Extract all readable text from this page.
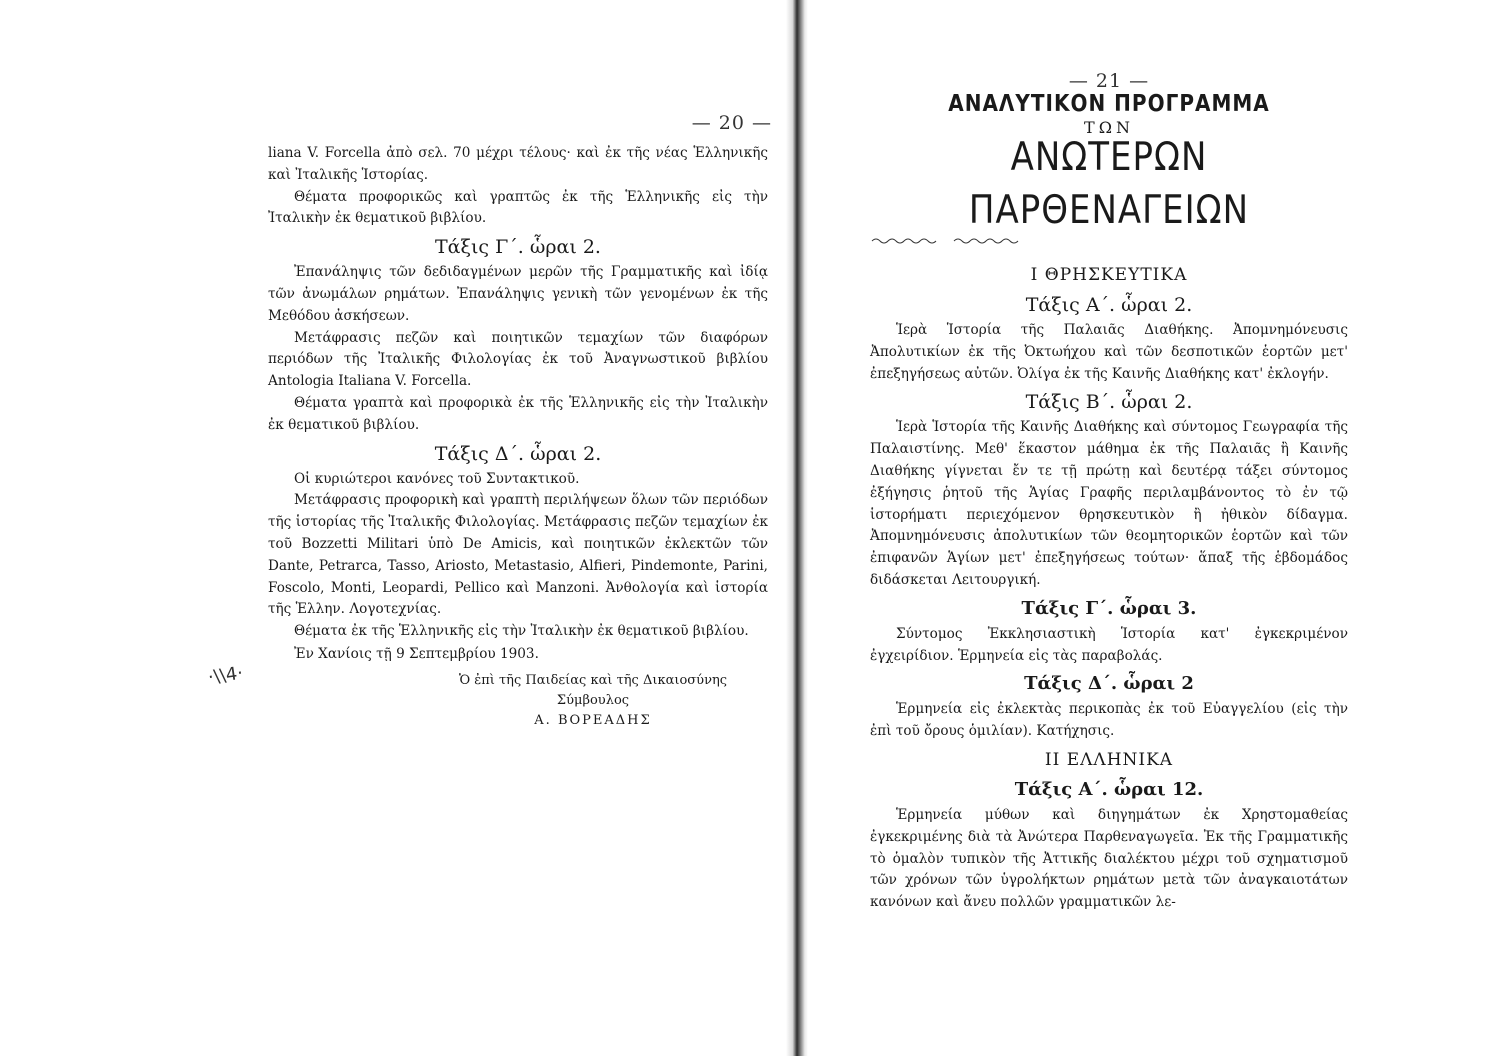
·\\4·
— 20 —

liana V. Forcella ἀπὸ σελ. 70 μέχρι τέλους· καὶ ἐκ τῆς νέας Ἑλληνικῆς καὶ Ἰταλικῆς Ἱστορίας.

Θέματα προφορικῶς καὶ γραπτῶς ἐκ τῆς Ἑλληνικῆς εἰς τὴν Ἰταλικὴν ἐκ θεματικοῦ βιβλίου.

Τάξις Γ΄. ὧραι 2.

Ἐπανάληψις τῶν δεδιδαγμένων μερῶν τῆς Γραμματικῆς καὶ ἰδίᾳ τῶν ἀνωμάλων ρημάτων. Ἐπανάληψις γενικὴ τῶν γενομένων ἐκ τῆς Μεθόδου ἀσκήσεων.

Μετάφρασις πεζῶν καὶ ποιητικῶν τεμαχίων τῶν διαφόρων περιόδων τῆς Ἰταλικῆς Φιλολογίας ἐκ τοῦ Ἀναγνωστικοῦ βιβλίου Antologia Italiana V. Forcella.

Θέματα γραπτὰ καὶ προφορικὰ ἐκ τῆς Ἑλληνικῆς εἰς τὴν Ἰταλικὴν ἐκ θεματικοῦ βιβλίου.

Τάξις Δ΄. ὧραι 2.

Οἱ κυριώτεροι κανόνες τοῦ Συντακτικοῦ.

Μετάφρασις προφορικὴ καὶ γραπτὴ περιλήψεων ὅλων τῶν περιόδων τῆς ἱστορίας τῆς Ἰταλικῆς Φιλολογίας. Μετάφρασις πεζῶν τεμαχίων ἐκ τοῦ Bozzetti Militari ὑπὸ De Amicis, καὶ ποιητικῶν ἐκλεκτῶν τῶν Dante, Petrarca, Tasso, Ariosto, Metastasio, Alfieri, Pindemonte, Parini, Foscolo, Monti, Leopardi, Pellico καὶ Manzoni. Ἀνθολογία καὶ ἱστορία τῆς Ἑλλην. Λογοτεχνίας.

Θέματα ἐκ τῆς Ἑλληνικῆς εἰς τὴν Ἰταλικὴν ἐκ θεματικοῦ βιβλίου.

Ἐν Χανίοις τῇ 9 Σεπτεμβρίου 1903.
Ὁ ἐπὶ τῆς Παιδείας καὶ τῆς Δικαιοσύνης
Σύμβουλος
Α. ΒΟΡΕΑΔΗΣ
— 21 —
ΑΝΑΛΥΤΙΚΟΝ ΠΡΟΓΡΑΜΜΑ
ΤΩΝ
ΑΝΩΤΕΡΩΝ ΠΑΡΘΕΝΑΓΕΙΩΝ
Ι ΘΡΗΣΚΕΥΤΙΚΑ
Τάξις Α΄. ὧραι 2.

Ἱερὰ Ἱστορία τῆς Παλαιᾶς Διαθήκης. Ἀπομνημόνευσις Ἀπολυτικίων ἐκ τῆς Ὀκτωήχου καὶ τῶν δεσποτικῶν ἑορτῶν μετ' ἐπεξηγήσεως αὐτῶν. Ὀλίγα ἐκ τῆς Καινῆς Διαθήκης κατ' ἐκλογήν.

Τάξις Β΄. ὧραι 2.

Ἱερὰ Ἱστορία τῆς Καινῆς Διαθήκης καὶ σύντομος Γεωγραφία τῆς Παλαιστίνης. Μεθ' ἕκαστον μάθημα ἐκ τῆς Παλαιᾶς ἢ Καινῆς Διαθήκης γίγνεται ἔν τε τῇ πρώτῃ καὶ δευτέρᾳ τάξει σύντομος ἐξήγησις ῥητοῦ τῆς Ἁγίας Γραφῆς περιλαμβάνοντος τὸ ἐν τῷ ἱστορήματι περιεχόμενον θρησκευτικὸν ἢ ἠθικὸν δίδαγμα. Ἀπομνημόνευσις ἀπολυτικίων τῶν θεομητορικῶν ἑορτῶν καὶ τῶν ἐπιφανῶν Ἁγίων μετ' ἐπεξηγήσεως τούτων· ἅπαξ τῆς ἑβδομάδος διδάσκεται Λειτουργική.

Τάξις Γ΄. ὧραι 3.

Σύντομος Ἐκκλησιαστικὴ Ἱστορία κατ' ἐγκεκριμένον ἐγχειρίδιον. Ἑρμηνεία εἰς τὰς παραβολάς.

Τάξις Δ΄. ὧραι 2

Ἑρμηνεία εἰς ἐκλεκτὰς περικοπὰς ἐκ τοῦ Εὐαγγελίου (εἰς τὴν ἐπὶ τοῦ ὄρους ὁμιλίαν). Κατήχησις.

ΙΙ ΕΛΛΗΝΙΚΑ
Τάξις Α΄. ὧραι 12.

Ἑρμηνεία μύθων καὶ διηγημάτων ἐκ Χρηστομαθείας ἐγκεκριμένης διὰ τὰ Ἀνώτερα Παρθεναγωγεῖα. Ἐκ τῆς Γραμματικῆς τὸ ὁμαλὸν τυπικὸν τῆς Ἀττικῆς διαλέκτου μέχρι τοῦ σχηματισμοῦ τῶν χρόνων τῶν ὑγρολήκτων ρημάτων μετὰ τῶν ἀναγκαιοτάτων κανόνων καὶ ἄνευ πολλῶν γραμματικῶν λε-
